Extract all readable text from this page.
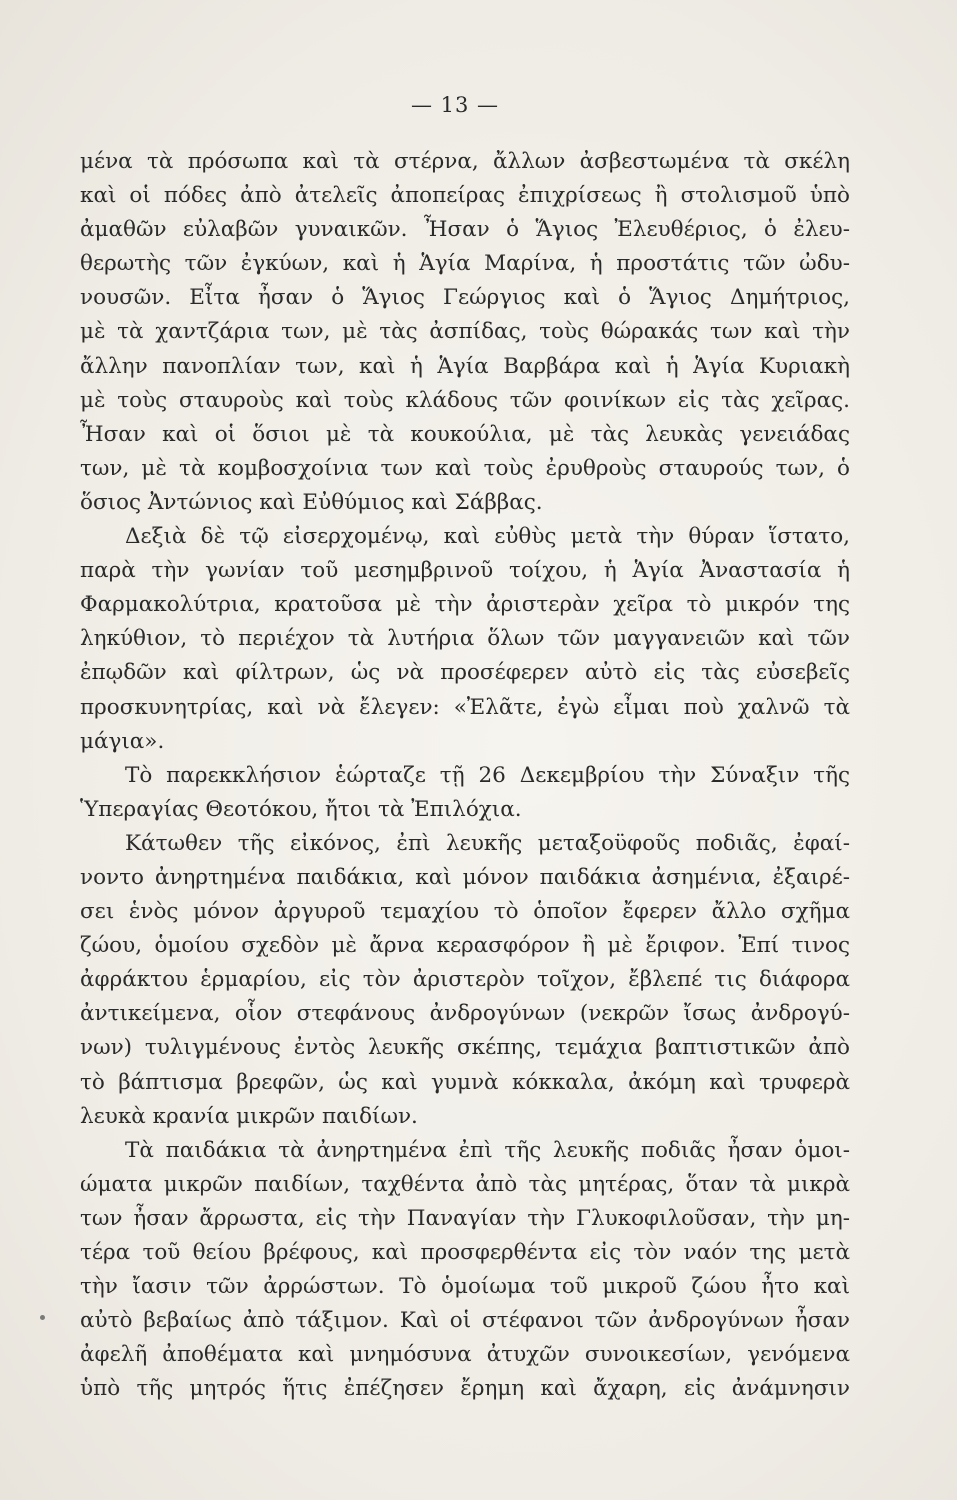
— 13 —
μένα τὰ πρόσωπα καὶ τὰ στέρνα, ἄλλων ἀσβεστωμένα τὰ σκέλη
καὶ οἱ πόδες ἀπὸ ἀτελεῖς ἀποπείρας ἐπιχρίσεως ἢ στολισμοῦ ὑπὸ
ἀμαθῶν εὐλαβῶν γυναικῶν. Ἦσαν ὁ Ἅγιος Ἐλευθέριος, ὁ ἐλευ-
θερωτὴς τῶν ἐγκύων, καὶ ἡ Ἁγία Μαρίνα, ἡ προστάτις τῶν ὠδυ-
νουσῶν. Εἶτα ἦσαν ὁ Ἅγιος Γεώργιος καὶ ὁ Ἅγιος Δημήτριος,
μὲ τὰ χαντζάρια των, μὲ τὰς ἀσπίδας, τοὺς θώρακάς των καὶ τὴν
ἄλλην πανοπλίαν των, καὶ ἡ Ἁγία Βαρβάρα καὶ ἡ Ἁγία Κυριακὴ
μὲ τοὺς σταυροὺς καὶ τοὺς κλάδους τῶν φοινίκων εἰς τὰς χεῖρας.
Ἦσαν καὶ οἱ ὅσιοι μὲ τὰ κουκούλια, μὲ τὰς λευκὰς γενειάδας
των, μὲ τὰ κομβοσχοίνια των καὶ τοὺς ἐρυθροὺς σταυρούς των, ὁ
ὅσιος Ἀντώνιος καὶ Εὐθύμιος καὶ Σάββας.
Δεξιὰ δὲ τῷ εἰσερχομένῳ, καὶ εὐθὺς μετὰ τὴν θύραν ἵστατο,
παρὰ τὴν γωνίαν τοῦ μεσημβρινοῦ τοίχου, ἡ Ἁγία Ἀναστασία ἡ
Φαρμακολύτρια, κρατοῦσα μὲ τὴν ἀριστερὰν χεῖρα τὸ μικρόν της
ληκύθιον, τὸ περιέχον τὰ λυτήρια ὅλων τῶν μαγγανειῶν καὶ τῶν
ἐπῳδῶν καὶ φίλτρων, ὡς νὰ προσέφερεν αὐτὸ εἰς τὰς εὐσεβεῖς
προσκυνητρίας, καὶ νὰ ἔλεγεν: «Ἐλᾶτε, ἐγὼ εἶμαι ποὺ χαλνῶ τὰ
μάγια».
Τὸ παρεκκλήσιον ἑώρταζε τῇ 26 Δεκεμβρίου τὴν Σύναξιν τῆς
Ὑπεραγίας Θεοτόκου, ἤτοι τὰ Ἐπιλόχια.
Κάτωθεν τῆς εἰκόνος, ἐπὶ λευκῆς μεταξοϋφοῦς ποδιᾶς, ἐφαί-
νοντο ἀνηρτημένα παιδάκια, καὶ μόνον παιδάκια ἀσημένια, ἐξαιρέ-
σει ἑνὸς μόνον ἀργυροῦ τεμαχίου τὸ ὁποῖον ἔφερεν ἄλλο σχῆμα
ζώου, ὁμοίου σχεδὸν μὲ ἄρνα κερασφόρον ἢ μὲ ἔριφον. Ἐπί τινος
ἀφράκτου ἑρμαρίου, εἰς τὸν ἀριστερὸν τοῖχον, ἔβλεπέ τις διάφορα
ἀντικείμενα, οἷον στεφάνους ἀνδρογύνων (νεκρῶν ἴσως ἀνδρογύ-
νων) τυλιγμένους ἐντὸς λευκῆς σκέπης, τεμάχια βαπτιστικῶν ἀπὸ
τὸ βάπτισμα βρεφῶν, ὡς καὶ γυμνὰ κόκκαλα, ἀκόμη καὶ τρυφερὰ
λευκὰ κρανία μικρῶν παιδίων.
Τὰ παιδάκια τὰ ἀνηρτημένα ἐπὶ τῆς λευκῆς ποδιᾶς ἦσαν ὁμοι-
ώματα μικρῶν παιδίων, ταχθέντα ἀπὸ τὰς μητέρας, ὅταν τὰ μικρὰ
των ἦσαν ἄρρωστα, εἰς τὴν Παναγίαν τὴν Γλυκοφιλοῦσαν, τὴν μη-
τέρα τοῦ θείου βρέφους, καὶ προσφερθέντα εἰς τὸν ναόν της μετὰ
τὴν ἴασιν τῶν ἀρρώστων. Τὸ ὁμοίωμα τοῦ μικροῦ ζώου ἦτο καὶ
αὐτὸ βεβαίως ἀπὸ τάξιμον. Καὶ οἱ στέφανοι τῶν ἀνδρογύνων ἦσαν
ἀφελῆ ἀποθέματα καὶ μνημόσυνα ἀτυχῶν συνοικεσίων, γενόμενα
ὑπὸ τῆς μητρός ἥτις ἐπέζησεν ἔρημη καὶ ἄχαρη, εἰς ἀνάμνησιν
